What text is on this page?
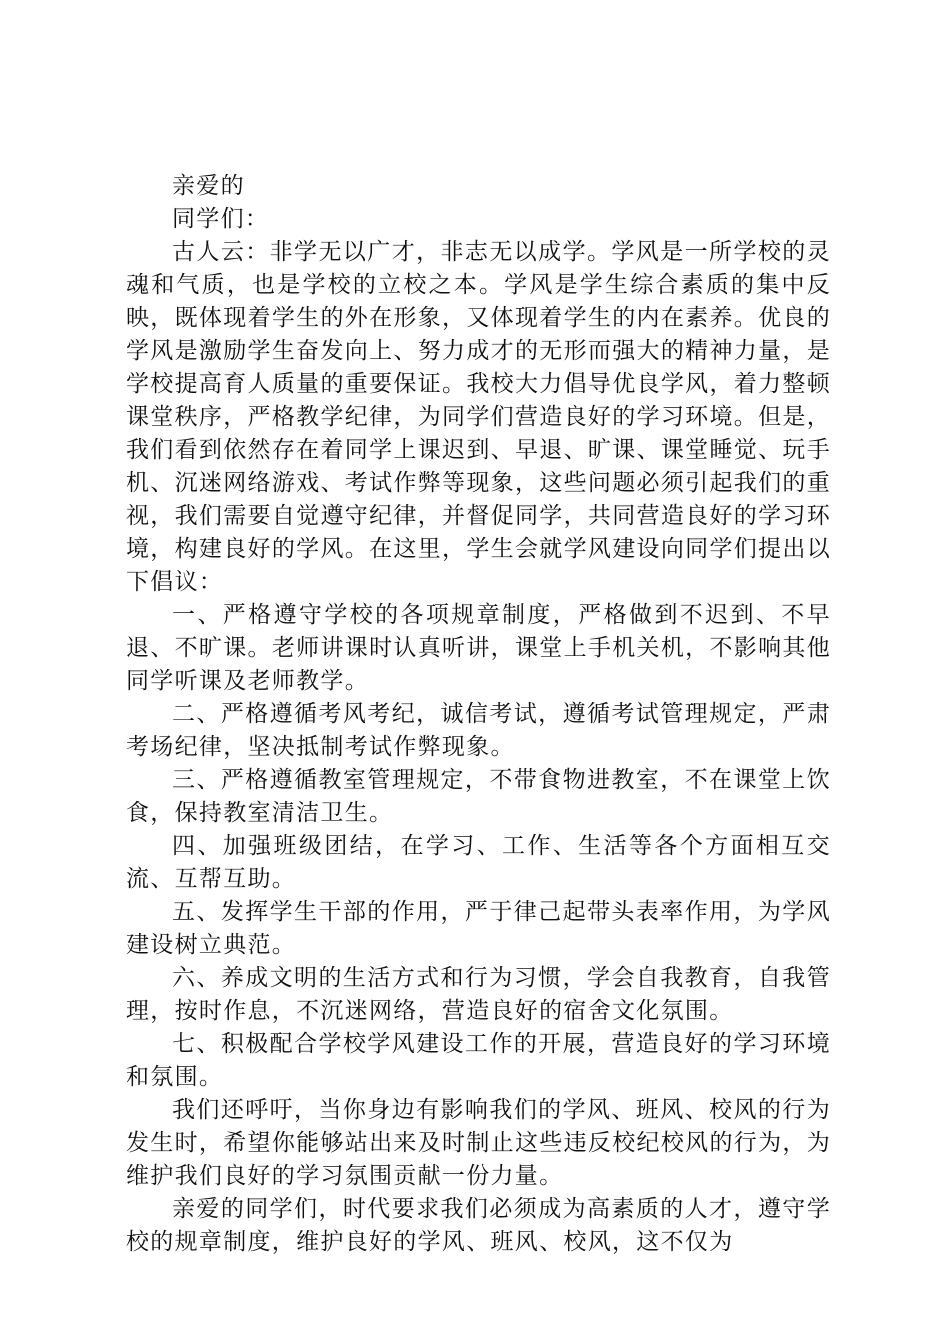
亲爱的

同学们：

古人云：非学无以广才，非志无以成学。学风是一所学校的灵魂和气质，也是学校的立校之本。学风是学生综合素质的集中反映，既体现着学生的外在形象，又体现着学生的内在素养。优良的学风是激励学生奋发向上、努力成才的无形而强大的精神力量，是学校提高育人质量的重要保证。我校大力倡导优良学风，着力整顿课堂秩序，严格教学纪律，为同学们营造良好的学习环境。但是，我们看到依然存在着同学上课迟到、早退、旷课、课堂睡觉、玩手机、沉迷网络游戏、考试作弊等现象，这些问题必须引起我们的重视，我们需要自觉遵守纪律，并督促同学，共同营造良好的学习环境，构建良好的学风。在这里，学生会就学风建设向同学们提出以下倡议：

一、严格遵守学校的各项规章制度，严格做到不迟到、不早退、不旷课。老师讲课时认真听讲，课堂上手机关机，不影响其他同学听课及老师教学。

二、严格遵循考风考纪，诚信考试，遵循考试管理规定，严肃考场纪律，坚决抵制考试作弊现象。

三、严格遵循教室管理规定，不带食物进教室，不在课堂上饮食，保持教室清洁卫生。

四、加强班级团结，在学习、工作、生活等各个方面相互交流、互帮互助。

五、发挥学生干部的作用，严于律己起带头表率作用，为学风建设树立典范。

六、养成文明的生活方式和行为习惯，学会自我教育，自我管理，按时作息，不沉迷网络，营造良好的宿舍文化氛围。

七、积极配合学校学风建设工作的开展，营造良好的学习环境和氛围。

我们还呼吁，当你身边有影响我们的学风、班风、校风的行为发生时，希望你能够站出来及时制止这些违反校纪校风的行为，为维护我们良好的学习氛围贡献一份力量。

亲爱的同学们，时代要求我们必须成为高素质的人才，遵守学校的规章制度，维护良好的学风、班风、校风，这不仅为
